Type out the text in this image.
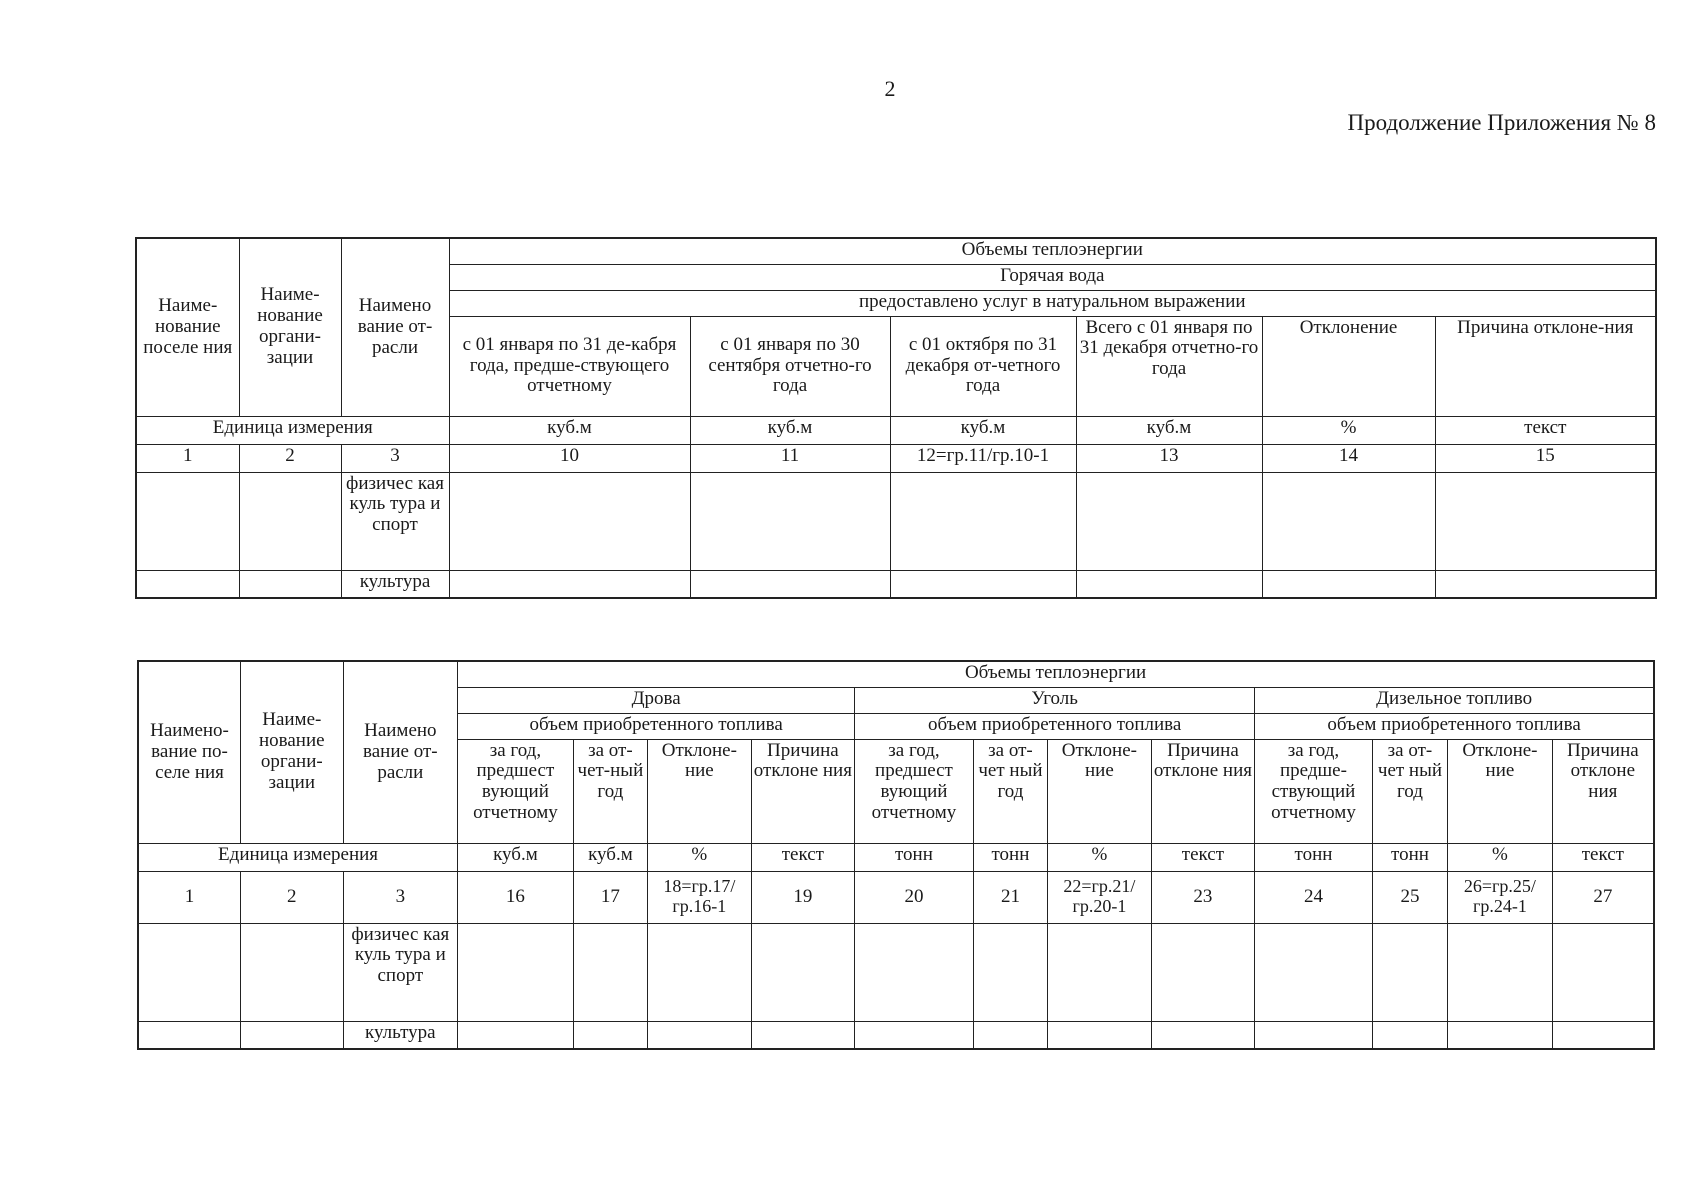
2
Продолжение Приложения № 8
Наиме-нование поселе ния	Наиме-нование органи-зации	Наимено вание от-расли	Объемы теплоэнергии					
			Горячая вода					
			предоставлено услуг в натуральном выражении					
			с 01 января по 31 де-кабря года, предше-ствующего отчетному	с 01 января по 30 сентября отчетно-го года	с 01 октября по 31 декабря от-четного года	Всего с 01 января по 31 декабря отчетно-го года	Отклонение	Причина отклоне-ния
Единица измерения			куб.м	куб.м	куб.м	куб.м	%	текст
1	2	3	10	11	12=гр.11/гр.10-1	13	14	15
		физичес кая куль тура и спорт						
		культура						
Наимено-вание по-селе ния	Наиме-нование органи-зации	Наимено вание от-расли	Объемы теплоэнергии											
			Дрова				Уголь				Дизельное топливо			
			объем приобретенного топлива				объем приобретенного топлива				объем приобретенного топлива			
			за год, предшест вующий отчетному	за от-чет-ный год	Отклоне-ние	Причина отклоне ния	за год, предшест вующий отчетному	за от-чет ный год	Отклоне-ние	Причина отклоне ния	за год, предше-ствующий отчетному	за от-чет ный год	Отклоне-ние	Причина отклоне ния
Единица измерения			куб.м	куб.м	%	текст	тонн	тонн	%	текст	тонн	тонн	%	текст
1	2	3	16	17	18=гр.17/ гр.16-1	19	20	21	22=гр.21/ гр.20-1	23	24	25	26=гр.25/ гр.24-1	27
		физичес кая куль тура и спорт												
		культура												
